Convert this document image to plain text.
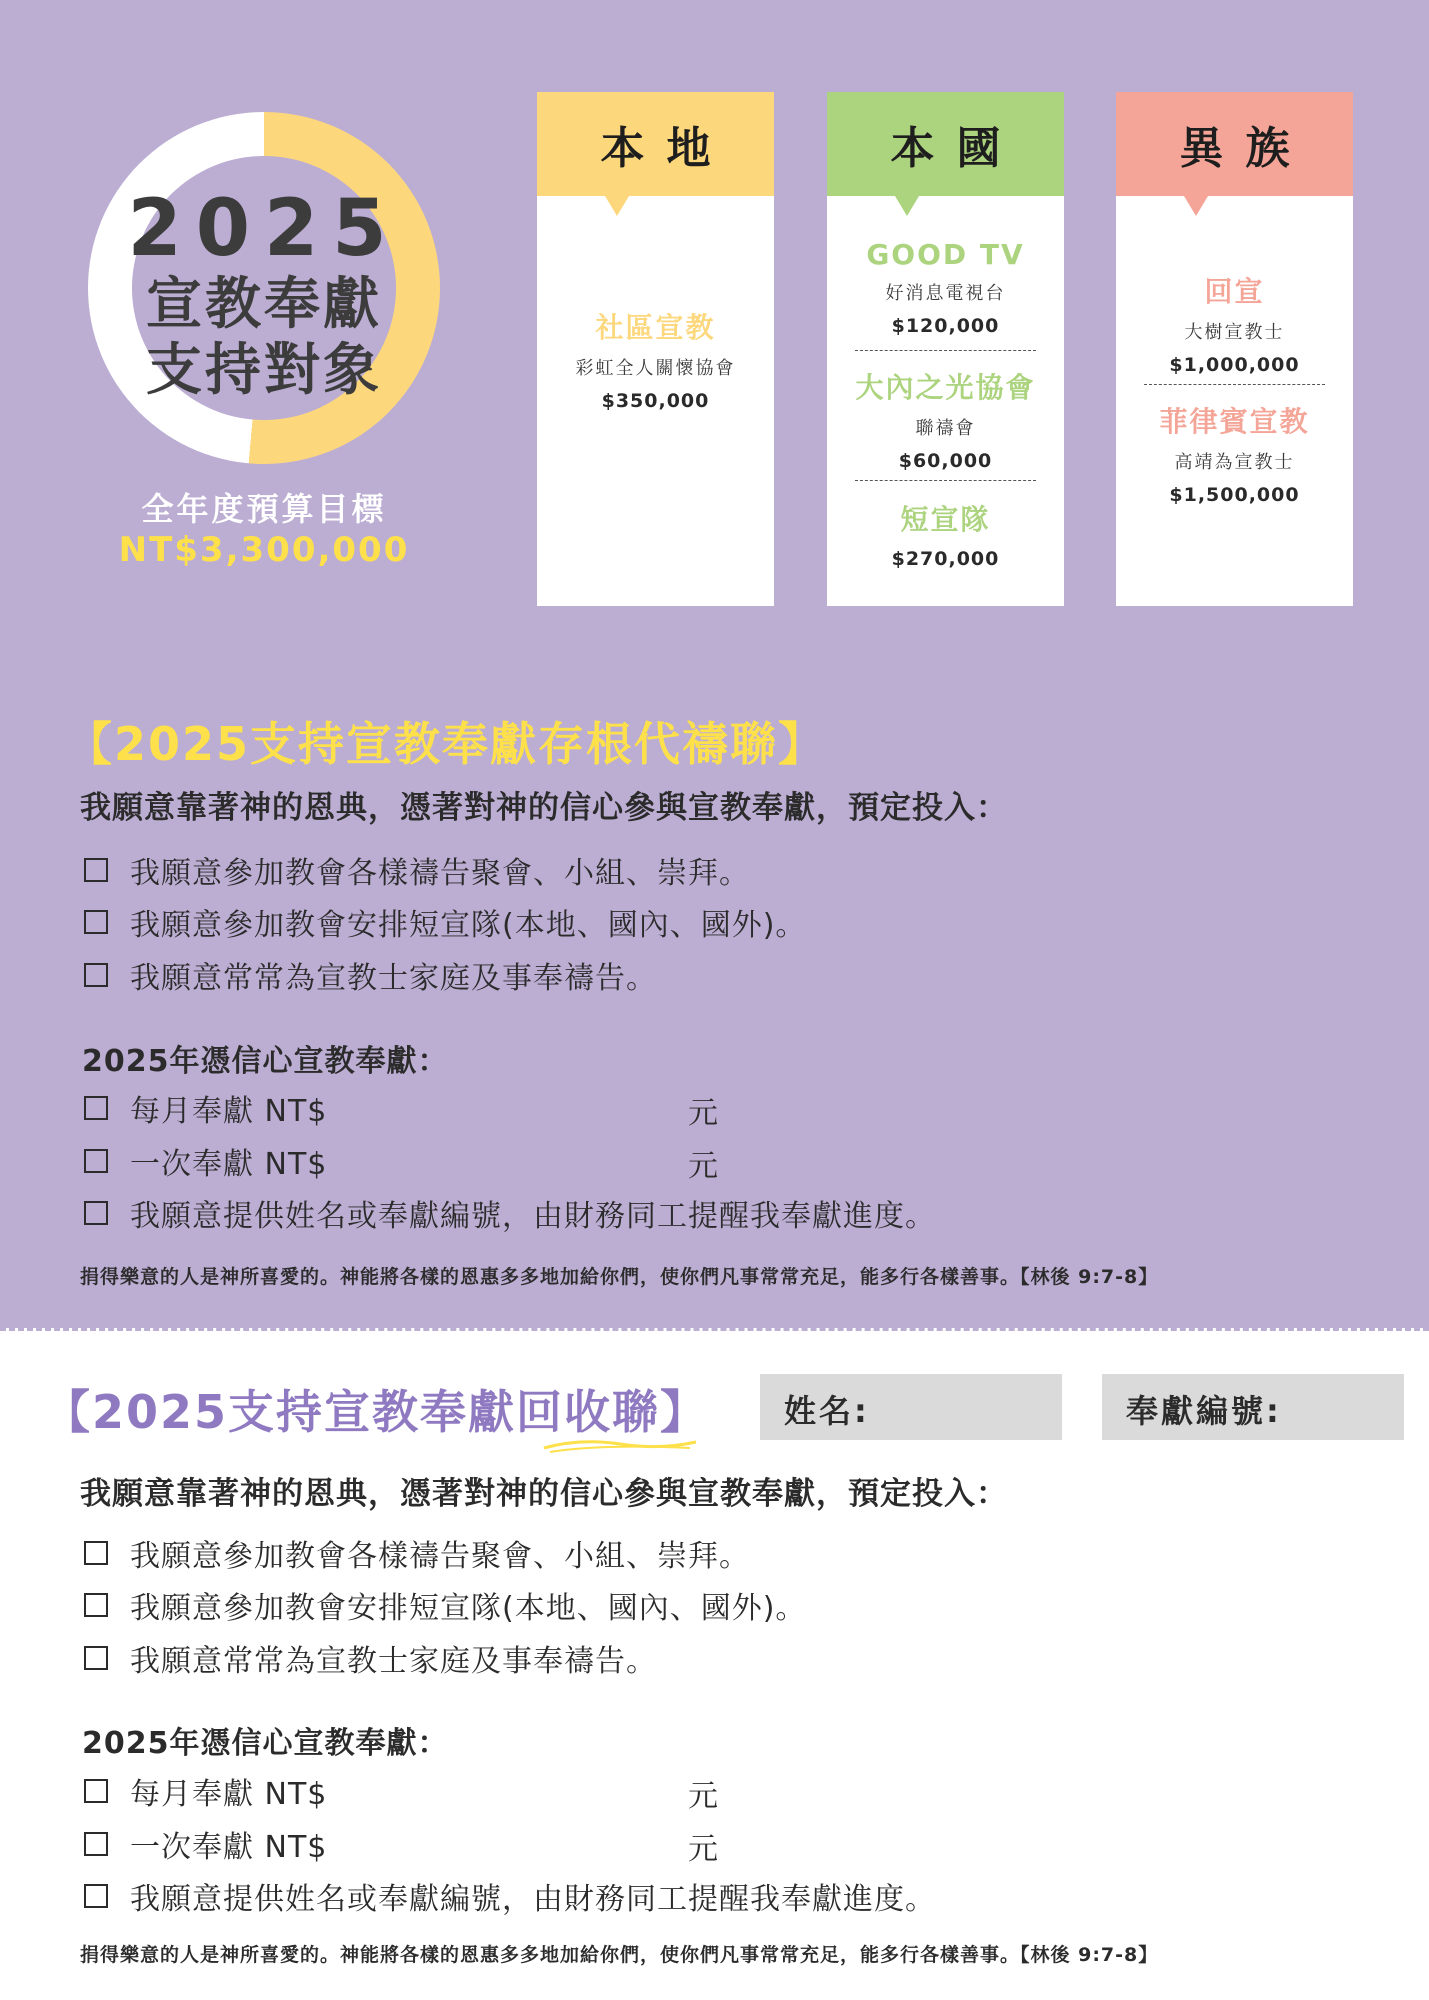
2025
宣教奉獻
支持對象
全年度預算目標
NT$3,300,000
本地
社區宣教
彩虹全人關懷協會
$350,000
本國
GOOD TV
好消息電視台
$120,000
大內之光協會
聯禱會
$60,000
短宣隊
$270,000
異族
回宣
大樹宣教士
$1,000,000
菲律賓宣教
高靖為宣教士
$1,500,000
【2025支持宣教奉獻存根代禱聯】
我願意靠著神的恩典，憑著對神的信心參與宣教奉獻，預定投入：
我願意參加教會各樣禱告聚會、小組、崇拜。
我願意參加教會安排短宣隊(本地、國內、國外)。
我願意常常為宣教士家庭及事奉禱告。
2025年憑信心宣教奉獻：
每月奉獻 NT$	元
一次奉獻 NT$	元
我願意提供姓名或奉獻編號，由財務同工提醒我奉獻進度。
捐得樂意的人是神所喜愛的。神能將各樣的恩惠多多地加給你們，使你們凡事常常充足，能多行各樣善事。【林後 9:7-8】
【2025支持宣教奉獻回收聯】	姓名:	奉獻編號:
我願意靠著神的恩典，憑著對神的信心參與宣教奉獻，預定投入：
我願意參加教會各樣禱告聚會、小組、崇拜。
我願意參加教會安排短宣隊(本地、國內、國外)。
我願意常常為宣教士家庭及事奉禱告。
2025年憑信心宣教奉獻：
每月奉獻 NT$	元
一次奉獻 NT$	元
我願意提供姓名或奉獻編號，由財務同工提醒我奉獻進度。
捐得樂意的人是神所喜愛的。神能將各樣的恩惠多多地加給你們，使你們凡事常常充足，能多行各樣善事。【林後 9:7-8】
